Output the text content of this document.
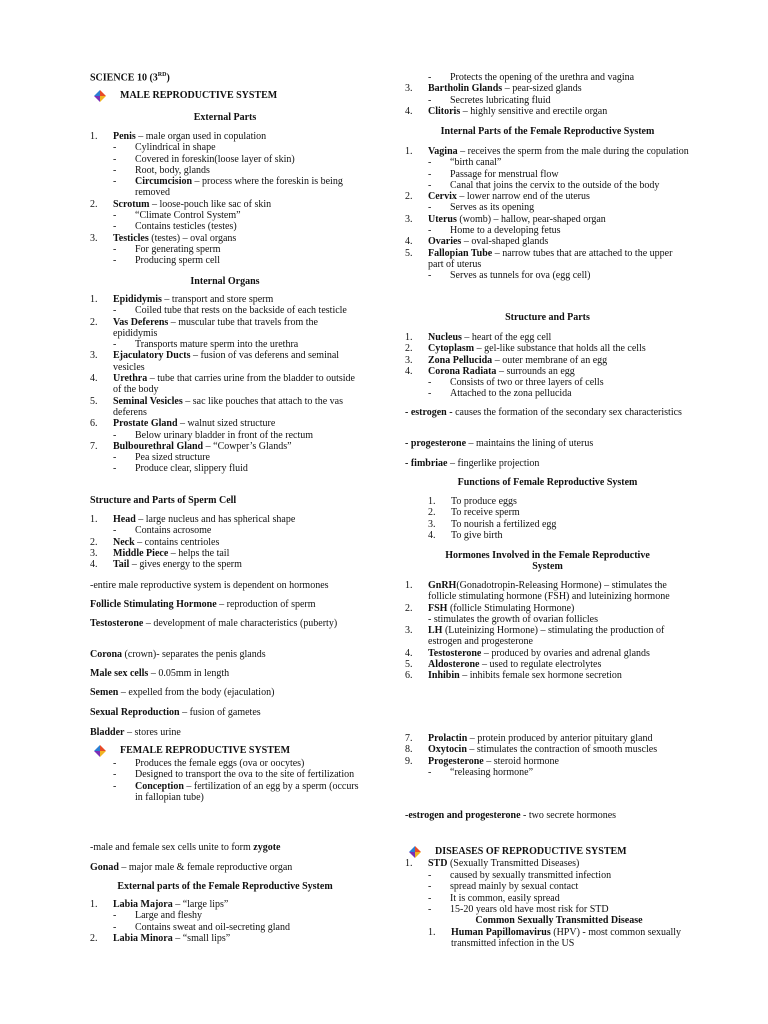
SCIENCE 10 (3RD)
MALE REPRODUCTIVE SYSTEM
External Parts
1.	Penis – male organ used in copulation
-	Cylindrical in shape
-	Covered in foreskin(loose layer of skin)
-	Root, body, glands
-	Circumcision – process where the foreskin is being removed
2.	Scrotum – loose-pouch like sac of skin
-	“Climate Control System”
-	Contains testicles (testes)
3.	Testicles (testes) – oval organs
-	For generating sperm
-	Producing sperm cell
Internal Organs
1.	Epididymis – transport and store sperm
-	Coiled tube that rests on the backside of each testicle
2.	Vas Deferens – muscular tube that travels from the epididymis
-	Transports mature sperm into the urethra
3.	Ejaculatory Ducts – fusion of vas deferens and seminal vesicles
4.	Urethra – tube that carries urine from the bladder to outside of the body
5.	Seminal Vesicles – sac like pouches that attach to the vas deferens
6.	Prostate Gland – walnut sized structure
-	Below urinary bladder in front of the rectum
7.	Bulbourethral Gland – “Cowper’s Glands”
-	Pea sized structure
-	Produce clear, slippery fluid
Structure and Parts of Sperm Cell
1.	Head – large nucleus and has spherical shape
-	Contains acrosome
2.	Neck – contains centrioles
3.	Middle Piece – helps the tail
4.	Tail – gives energy to the sperm
-entire male reproductive system is dependent on hormones
Follicle Stimulating Hormone – reproduction of sperm
Testosterone – development of male characteristics (puberty)
Corona (crown)- separates the penis glands
Male sex cells – 0.05mm in length
Semen – expelled from the body (ejaculation)
Sexual Reproduction – fusion of gametes
Bladder – stores urine
FEMALE REPRODUCTIVE SYSTEM
-	Produces the female eggs (ova or oocytes)
-	Designed to transport the ova to the site of fertilization
-	Conception – fertilization of an egg by a sperm (occurs in fallopian tube)
-male and female sex cells unite to form zygote
Gonad – major male & female reproductive organ
External parts of the Female Reproductive System
1.	Labia Majora – “large lips”
-	Large and fleshy
-	Contains sweat and oil-secreting gland
2.	Labia Minora – “small lips”
-	Protects the opening of the urethra and vagina
3.	Bartholin Glands – pear-sized glands
-	Secretes lubricating fluid
4.	Clitoris – highly sensitive and erectile organ
Internal Parts of the Female Reproductive System
1.	Vagina – receives the sperm from the male during the copulation
-	“birth canal”
-	Passage for menstrual flow
-	Canal that joins the cervix to the outside of the body
2.	Cervix – lower narrow end of the uterus
-	Serves as its opening
3.	Uterus (womb) – hallow, pear-shaped organ
-	Home to a developing fetus
4.	Ovaries – oval-shaped glands
5.	Fallopian Tube – narrow tubes that are attached to the upper part of uterus
-	Serves as tunnels for ova (egg cell)
Structure and Parts
1.	Nucleus – heart of the egg cell
2.	Cytoplasm – gel-like substance that holds all the cells
3.	Zona Pellucida – outer membrane of an egg
4.	Corona Radiata – surrounds an egg
-	Consists of two or three layers of cells
-	Attached to the zona pellucida
- estrogen - causes the formation of the secondary sex characteristics
- progesterone – maintains the lining of uterus
- fimbriae – fingerlike projection
Functions of Female Reproductive System
1.	To produce eggs
2.	To receive sperm
3.	To nourish a fertilized egg
4.	To give birth
Hormones Involved in the Female Reproductive
System
1.	GnRH(Gonadotropin-Releasing Hormone) – stimulates the follicle stimulating hormone (FSH) and luteinizing hormone
2.	FSH (follicle Stimulating Hormone)
- stimulates the growth of ovarian follicles
3.	LH (Luteinizing Hormone) – stimulating the production of estrogen and progesterone
4.	Testosterone – produced by ovaries and adrenal glands
5.	Aldosterone – used to regulate electrolytes
6.	Inhibin – inhibits female sex hormone secretion
7.	Prolactin – protein produced by anterior pituitary gland
8.	Oxytocin – stimulates the contraction of smooth muscles
9.	Progesterone – steroid hormone
-	“releasing hormone”
-estrogen and progesterone - two secrete hormones
DISEASES OF REPRODUCTIVE SYSTEM
1.	STD (Sexually Transmitted Diseases)
-	caused by sexually transmitted infection
-	spread mainly by sexual contact
-	It is common, easily spread
-	15-20 years old have most risk for STD
Common Sexually Transmitted Disease
1.	Human Papillomavirus (HPV) - most common sexually transmitted infection in the US
